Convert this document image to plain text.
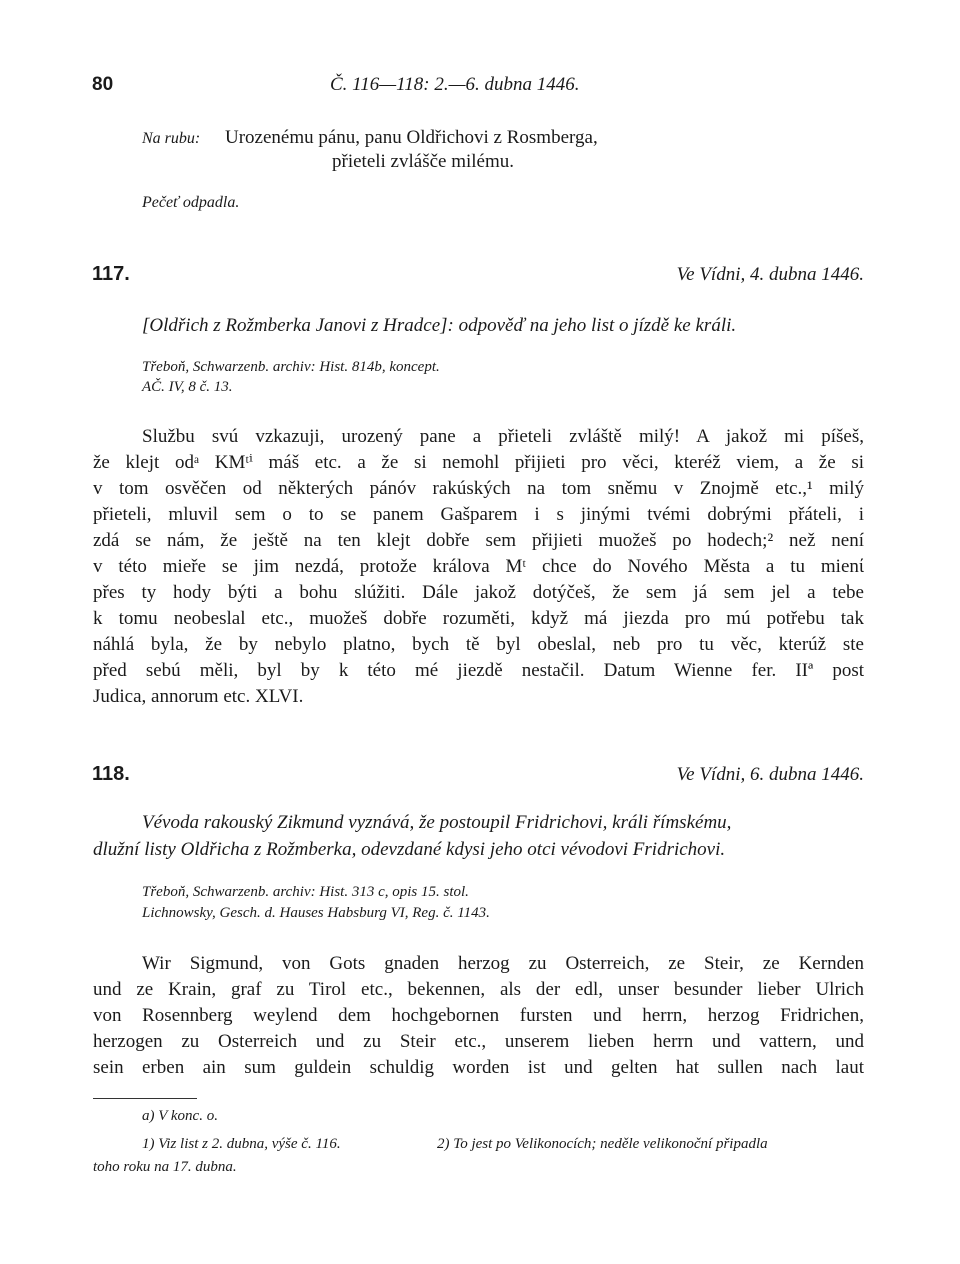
80	Č. 116—118: 2.—6. dubna 1446.
Na rubu: Urozenému pánu, panu Oldřichovi z Rosmberga,
přieteli zvláščе milému.
Pečeť odpadla.
117.	Ve Vídni, 4. dubna 1446.
[Oldřich z Rožmberka Janovi z Hradce]: odpověď na jeho list o jízdě ke králi.
Třeboň, Schwarzenb. archiv: Hist. 814b, koncept.
AČ. IV, 8 č. 13.
Službu svú vzkazuji, urozený pane a přieteli zvláště milý! A jakož mi píšeš,
že klejt odᵃ KMᵗⁱ máš etc. a že si nemohl přijieti pro věci, kteréž viem, a že si
v tom osvěčen od některých pánóv rakúských na tom sněmu v Znojmě etc.,¹ milý
přieteli, mluvil sem o to se panem Gašparem i s jinými tvémi dobrými přáteli, i
zdá se nám, že ještě na ten klejt dobře sem přijieti muožeš po hodech;² než není
v této mieře se jim nezdá, protože králova Mᵗ chce do Nového Města a tu mienί
přes ty hody býti a bohu slúžiti. Dále jakož dotýčeš, že sem já sem jel a tebe
k tomu neobeslal etc., muožeš dobře rozuměti, když má jiezda pro mú potřebu tak
náhlá byla, že by nebylo platno, bych tě byl obeslal, neb pro tu věc, kterúž ste
před sebú měli, byl by k této mé jiezdě nestačil. Datum Wienne fer. IIª post
Judica, annorum etc. XLVI.
118.	Ve Vídni, 6. dubna 1446.
Vévoda rakouský Zikmund vyznává, že postoupil Fridrichovi, králi římskému,
dlužní listy Oldřicha z Rožmberka, odevzdané kdysi jeho otci vévodovi Fridrichovi.
Třeboň, Schwarzenb. archiv: Hist. 313 c, opis 15. stol.
Lichnowsky, Gesch. d. Hauses Habsburg VI, Reg. č. 1143.
Wir Sigmund, von Gots gnaden herzog zu Osterreich, ze Steir, ze Kernden
und ze Krain, graf zu Tirol etc., bekennen, als der edl, unser besunder lieber Ulrich
von Rosennberg weylend dem hochgebornen fursten und herrn, herzog Fridrichen,
herzogen zu Osterreich und zu Steir etc., unserem lieben herrn und vattern, und
sein erben ain sum guldein schuldig worden ist und gelten hat sullen nach laut
a) V konc. o.
1) Viz list z 2. dubna, výše č. 116.	2) To jest po Velikonocích; neděle velikonoční připadla
toho roku na 17. dubna.
